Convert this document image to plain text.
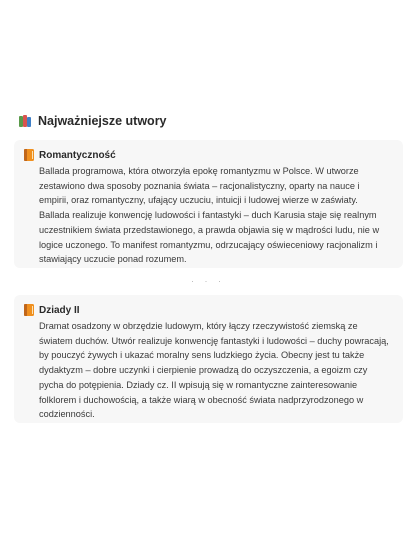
Najważniejsze utwory
Romantyczność

Ballada programowa, która otworzyła epokę romantyzmu w Polsce. W utworze zestawiono dwa sposoby poznania świata – racjonalistyczny, oparty na nauce i empirii, oraz romantyczny, ufający uczuciu, intuicji i ludowej wierze w zaświaty. Ballada realizuje konwencję ludowości i fantastyki – duch Karusia staje się realnym uczestnikiem świata przedstawionego, a prawda objawia się w mądrości ludu, nie w logice uczonego. To manifest romantyzmu, odrzucający oświeceniowy racjonalizm i stawiający uczucie ponad rozumem.

· · ·
Dziady II

Dramat osadzony w obrzędzie ludowym, który łączy rzeczywistość ziemską ze światem duchów. Utwór realizuje konwencję fantastyki i ludowości – duchy powracają, by pouczyć żywych i ukazać moralny sens ludzkiego życia. Obecny jest tu także dydaktyzm – dobre uczynki i cierpienie prowadzą do oczyszczenia, a egoizm czy pycha do potępienia. Dziady cz. II wpisują się w romantyczne zainteresowanie folklorem i duchowością, a także wiarą w obecność świata nadprzyrodzonego w codzienności.
